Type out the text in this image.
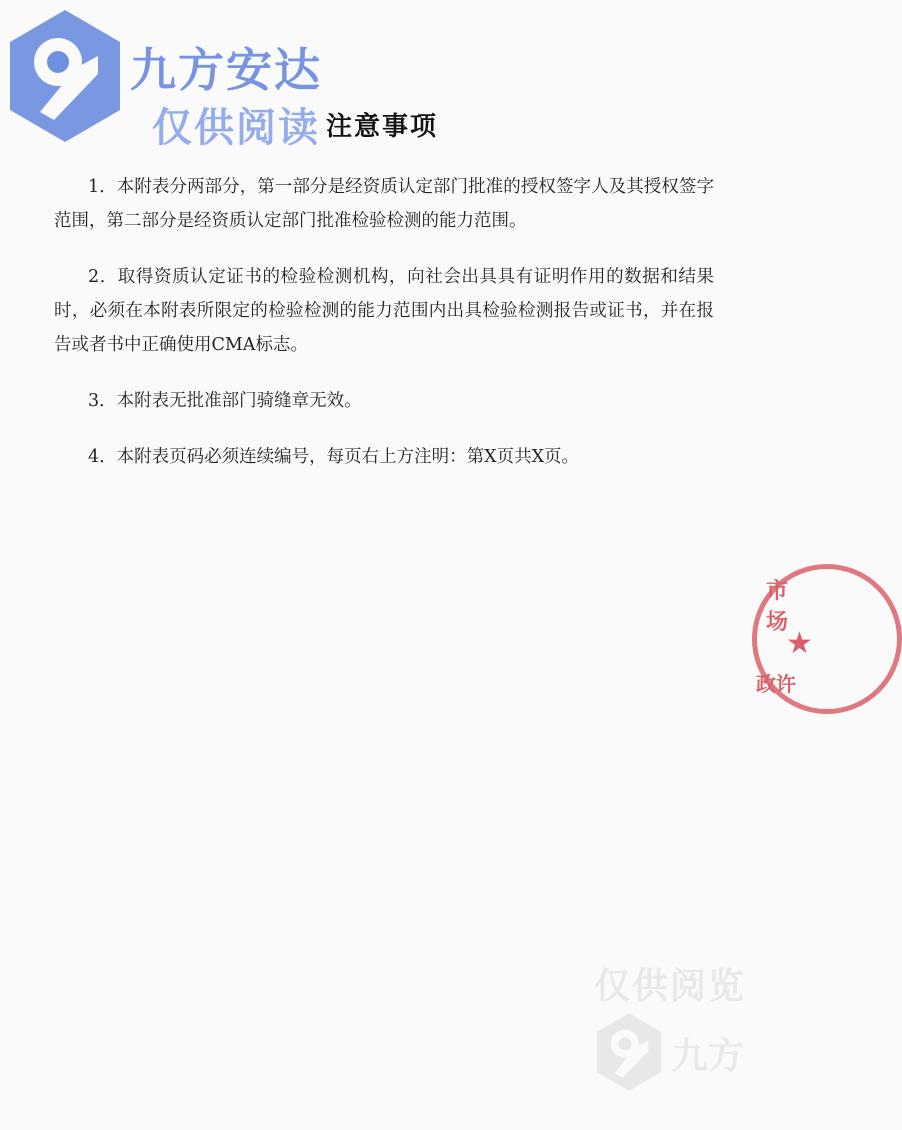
九方安达
仅供阅读 注意事项

1．本附表分两部分，第一部分是经资质认定部门批准的授权签字人及其授权签字范围，第二部分是经资质认定部门批准检验检测的能力范围。

2．取得资质认定证书的检验检测机构，向社会出具具有证明作用的数据和结果时，必须在本附表所限定的检验检测的能力范围内出具检验检测报告或证书，并在报告或者书中正确使用CMA标志。

3．本附表无批准部门骑缝章无效。

4．本附表页码必须连续编号，每页右上方注明：第X页共X页。

市场
★
政许
仅供阅览
九方
